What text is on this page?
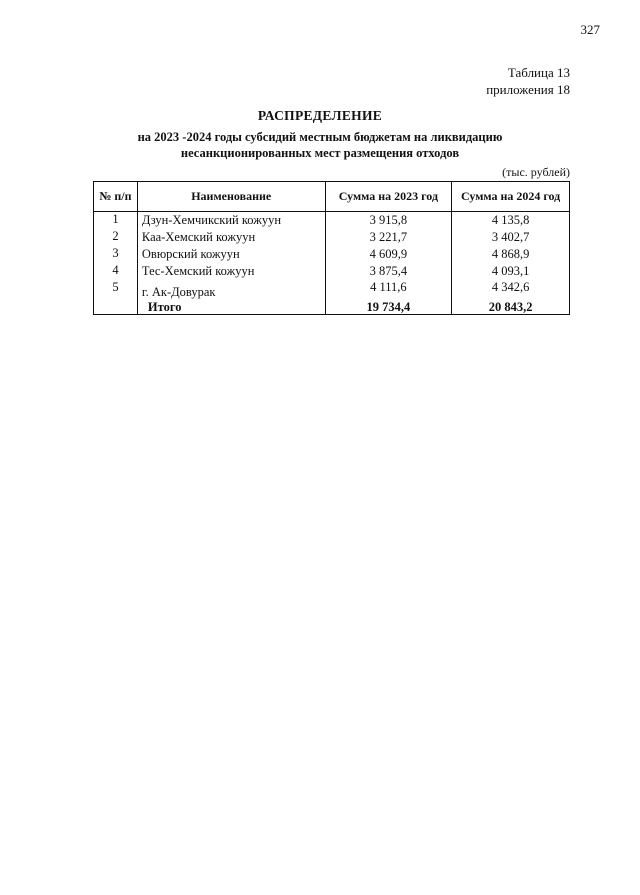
327
Таблица 13
приложения 18
РАСПРЕДЕЛЕНИЕ
на 2023 -2024 годы субсидий местным бюджетам на ликвидацию
несанкционированных мест размещения отходов
(тыс. рублей)
№ п/п	Наименование	Сумма на 2023 год	Сумма на 2024 год
1	Дзун-Хемчикский кожуун	3 915,8	4 135,8
2	Каа-Хемский кожуун	3 221,7	3 402,7
3	Овюрский кожуун	4 609,9	4 868,9
4	Тес-Хемский кожуун	3 875,4	4 093,1
5	г. Ак-Довурак	4 111,6	4 342,6
	Итого	19 734,4	20 843,2
